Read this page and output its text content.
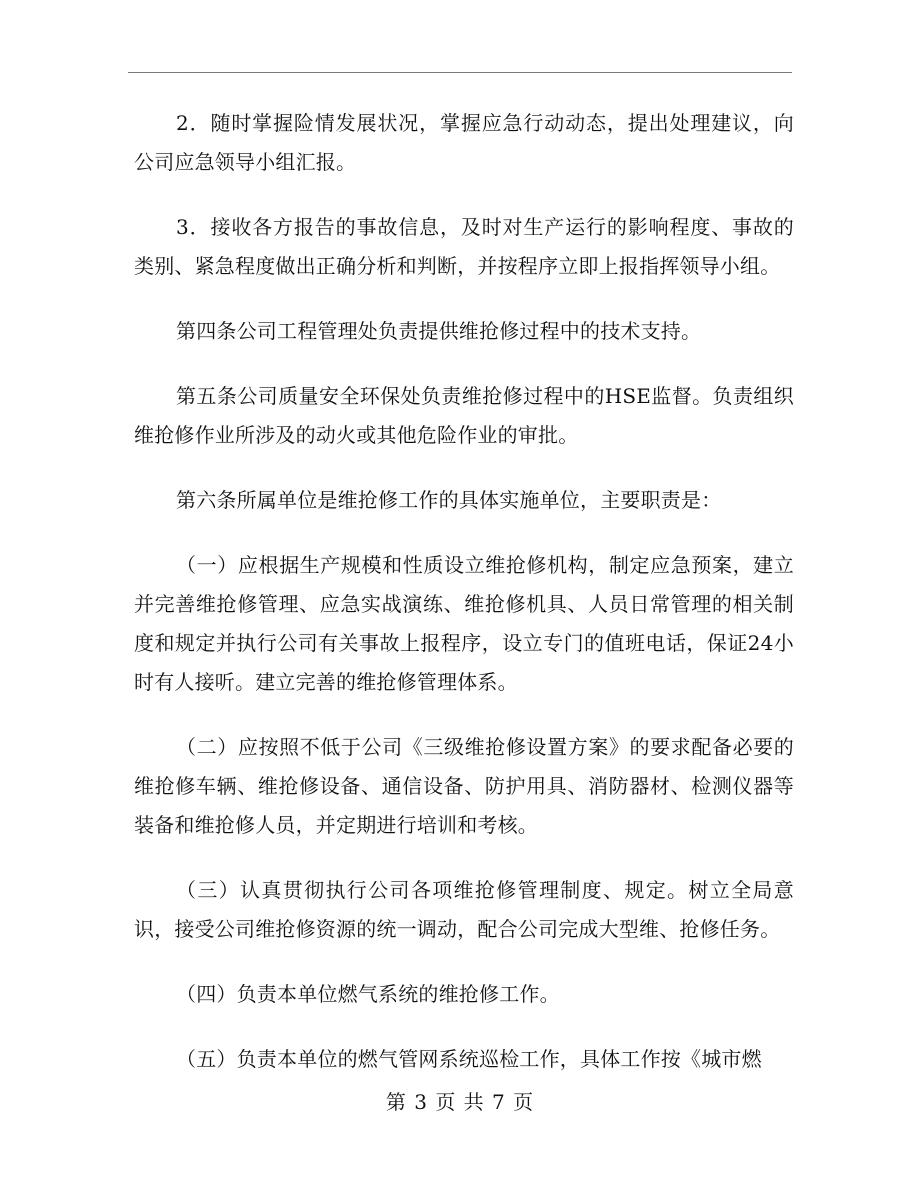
2．随时掌握险情发展状况，掌握应急行动动态，提出处理建议，向公司应急领导小组汇报。

3．接收各方报告的事故信息，及时对生产运行的影响程度、事故的类别、紧急程度做出正确分析和判断，并按程序立即上报指挥领导小组。

第四条公司工程管理处负责提供维抢修过程中的技术支持。

第五条公司质量安全环保处负责维抢修过程中的HSE监督。负责组织维抢修作业所涉及的动火或其他危险作业的审批。

第六条所属单位是维抢修工作的具体实施单位，主要职责是：

（一）应根据生产规模和性质设立维抢修机构，制定应急预案，建立并完善维抢修管理、应急实战演练、维抢修机具、人员日常管理的相关制度和规定并执行公司有关事故上报程序，设立专门的值班电话，保证24小时有人接听。建立完善的维抢修管理体系。

（二）应按照不低于公司《三级维抢修设置方案》的要求配备必要的维抢修车辆、维抢修设备、通信设备、防护用具、消防器材、检测仪器等装备和维抢修人员，并定期进行培训和考核。

（三）认真贯彻执行公司各项维抢修管理制度、规定。树立全局意识，接受公司维抢修资源的统一调动，配合公司完成大型维、抢修任务。

（四）负责本单位燃气系统的维抢修工作。

（五）负责本单位的燃气管网系统巡检工作，具体工作按《城市燃

第 3 页 共 7 页
